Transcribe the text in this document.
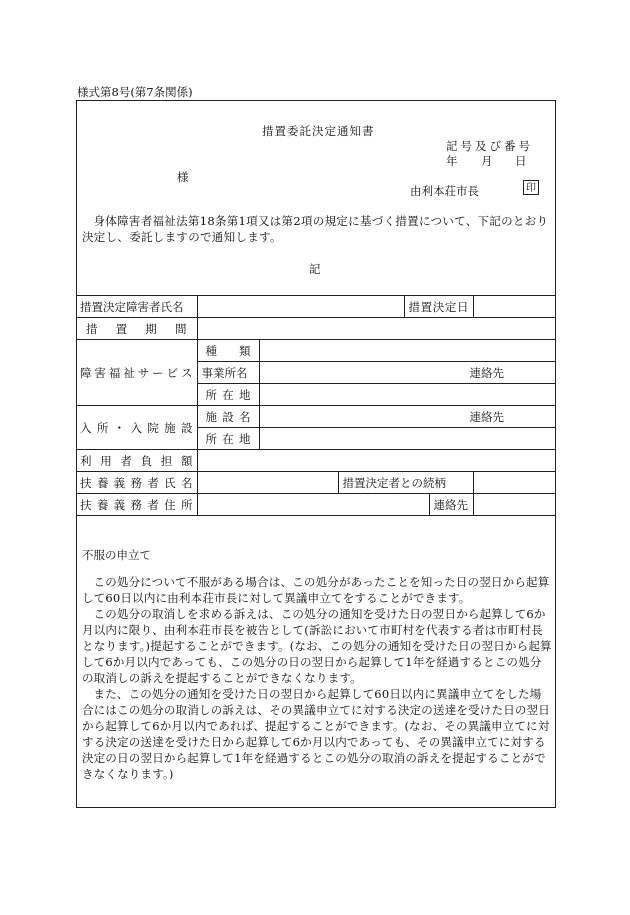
様式第8号(第7条関係)
措置委託決定通知書
記号及び番号
年 月 日
様
由利本荘市長	印

身体障害者福祉法第18条第1項又は第2項の規定に基づく措置について、下記のとおり決定し、委託しますので通知します。

記
措置決定障害者氏名				措置決定日		

措置期間						

障害福祉サービス	種類					

	事業所名	連絡先				

	所在地					

入所・入院施設	施設名	連絡先				

	所在地					

利用者負担額						

扶養義務者氏名			措置決定者との続柄			

扶養義務者住所					連絡先	
不服の申立て

この処分について不服がある場合は、この処分があったことを知った日の翌日から起算して60日以内に由利本荘市長に対して異議申立てをすることができます。

この処分の取消しを求める訴えは、この処分の通知を受けた日の翌日から起算して6か月以内に限り、由利本荘市長を被告として(訴訟において市町村を代表する者は市町村長となります。)提起することができます。(なお、この処分の通知を受けた日の翌日から起算して6か月以内であっても、この処分の日の翌日から起算して1年を経過するとこの処分の取消しの訴えを提起することができなくなります。

また、この処分の通知を受けた日の翌日から起算して60日以内に異議申立てをした場合にはこの処分の取消しの訴えは、その異議申立てに対する決定の送達を受けた日の翌日から起算して6か月以内であれば、提起することができます。(なお、その異議申立てに対する決定の送達を受けた日から起算して6か月以内であっても、その異議申立てに対する決定の日の翌日から起算して1年を経過するとこの処分の取消の訴えを提起することができなくなります。)
